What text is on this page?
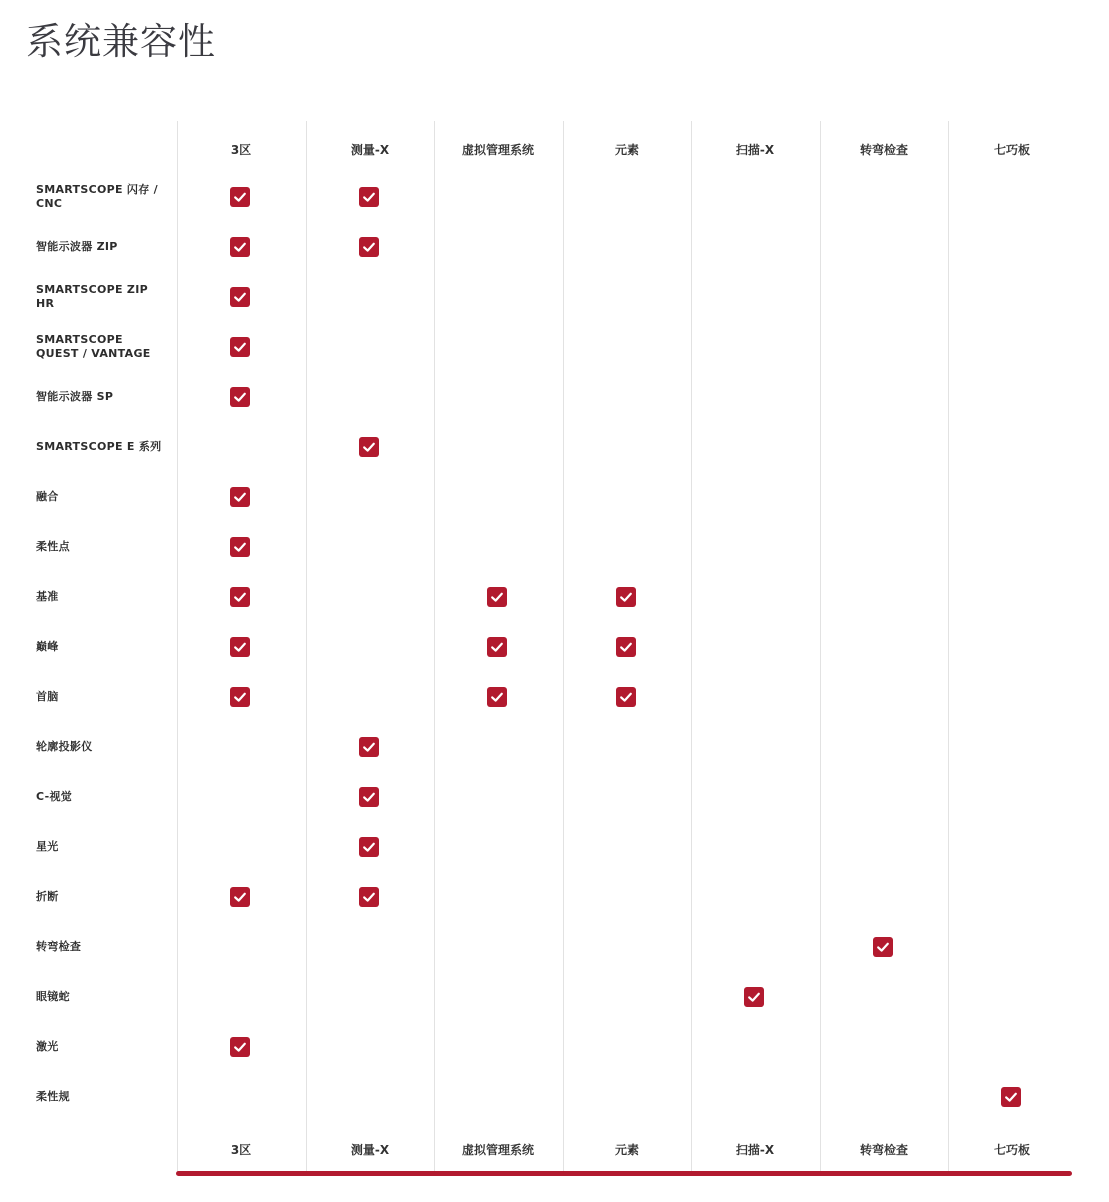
系统兼容性
3区
3区
测量-X
测量-X
虚拟管理系统
虚拟管理系统
元素
元素
扫描-X
扫描-X
转弯检查
转弯检查
七巧板
七巧板
SMARTSCOPE 闪存 / CNC
智能示波器 ZIP
SMARTSCOPE ZIP HR
SMARTSCOPE QUEST / VANTAGE
智能示波器 SP
SMARTSCOPE E 系列
融合
柔性点
基准
巅峰
首脑
轮廓投影仪
C-视觉
星光
折断
转弯检查
眼镜蛇
激光
柔性规
